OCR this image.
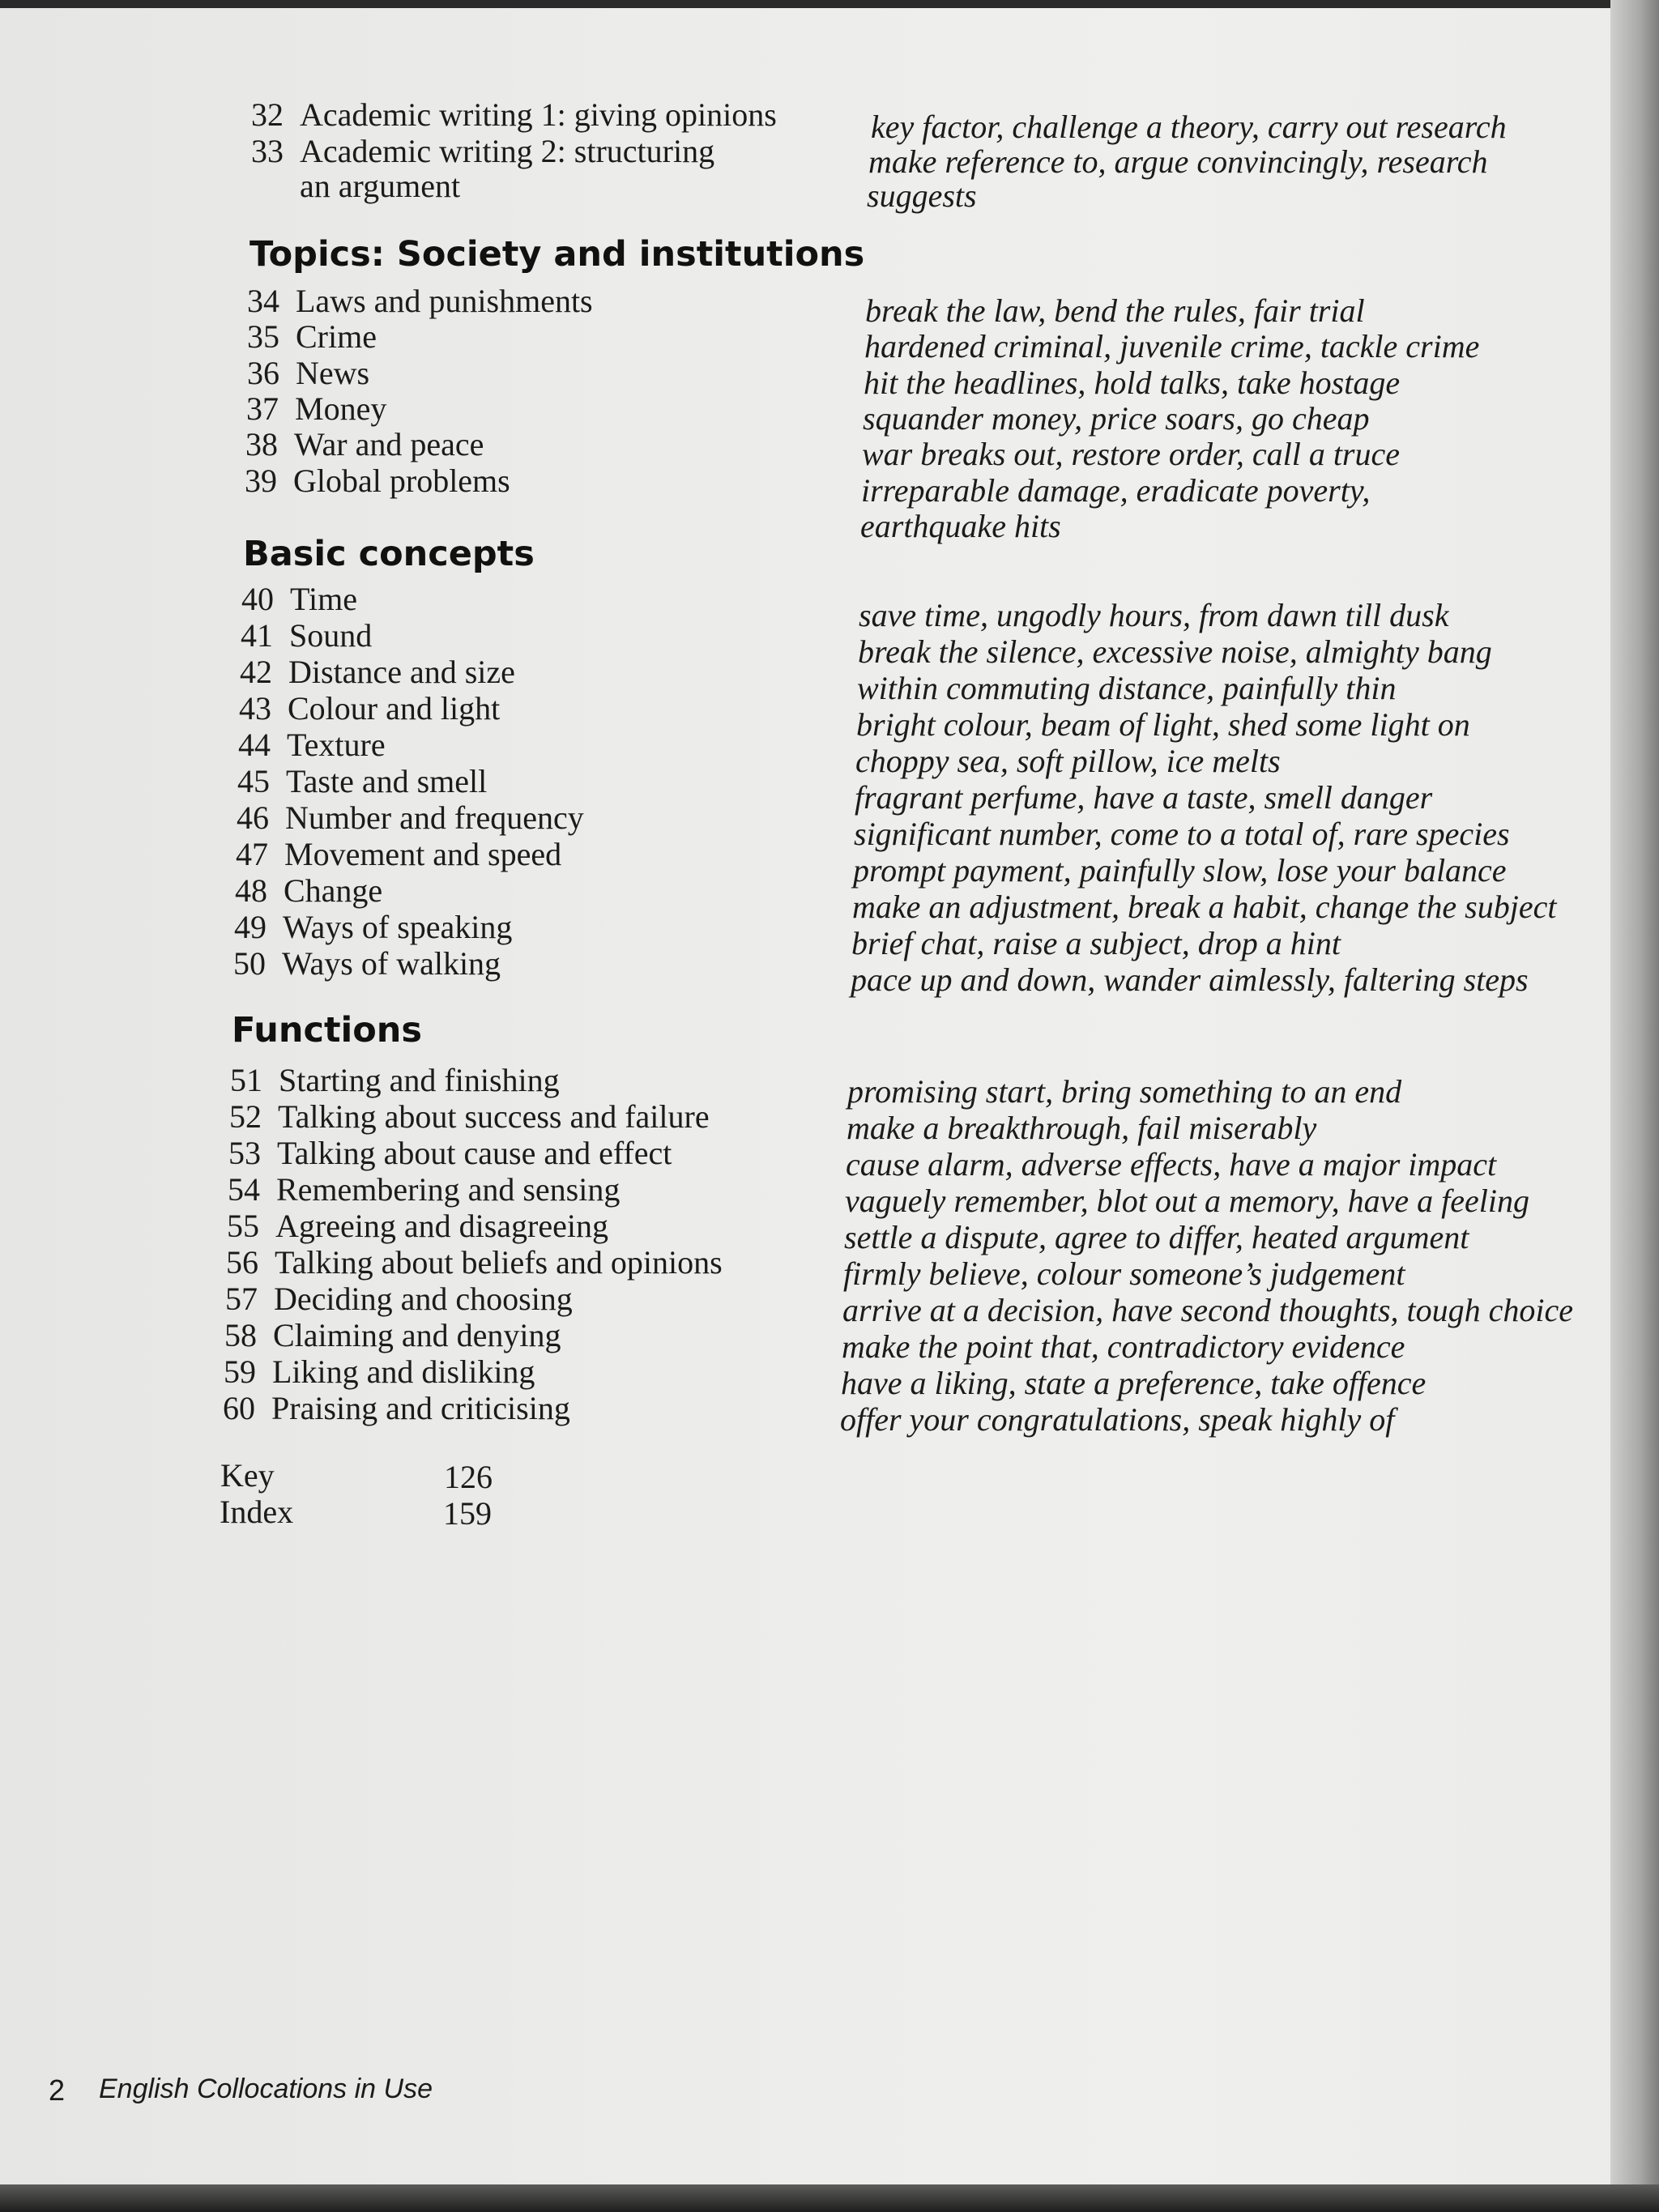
32 Academic writing 1: giving opinions
33 Academic writing 2: structuring
an argument
key factor, challenge a theory, carry out research
make reference to, argue convincingly, research
suggests
Topics: Society and institutions
34 Laws and punishments
35 Crime
36 News
37 Money
38 War and peace
39 Global problems
break the law, bend the rules, fair trial
hardened criminal, juvenile crime, tackle crime
hit the headlines, hold talks, take hostage
squander money, price soars, go cheap
war breaks out, restore order, call a truce
irreparable damage, eradicate poverty,
earthquake hits
Basic concepts
40 Time
41 Sound
42 Distance and size
43 Colour and light
44 Texture
45 Taste and smell
46 Number and frequency
47 Movement and speed
48 Change
49 Ways of speaking
50 Ways of walking
save time, ungodly hours, from dawn till dusk
break the silence, excessive noise, almighty bang
within commuting distance, painfully thin
bright colour, beam of light, shed some light on
choppy sea, soft pillow, ice melts
fragrant perfume, have a taste, smell danger
significant number, come to a total of, rare species
prompt payment, painfully slow, lose your balance
make an adjustment, break a habit, change the subject
brief chat, raise a subject, drop a hint
pace up and down, wander aimlessly, faltering steps
Functions
51 Starting and finishing
52 Talking about success and failure
53 Talking about cause and effect
54 Remembering and sensing
55 Agreeing and disagreeing
56 Talking about beliefs and opinions
57 Deciding and choosing
58 Claiming and denying
59 Liking and disliking
60 Praising and criticising
promising start, bring something to an end
make a breakthrough, fail miserably
cause alarm, adverse effects, have a major impact
vaguely remember, blot out a memory, have a feeling
settle a dispute, agree to differ, heated argument
firmly believe, colour someone’s judgement
arrive at a decision, have second thoughts, tough choice
make the point that, contradictory evidence
have a liking, state a preference, take offence
offer your congratulations, speak highly of
Key	126
Index	159
2 English Collocations in Use
